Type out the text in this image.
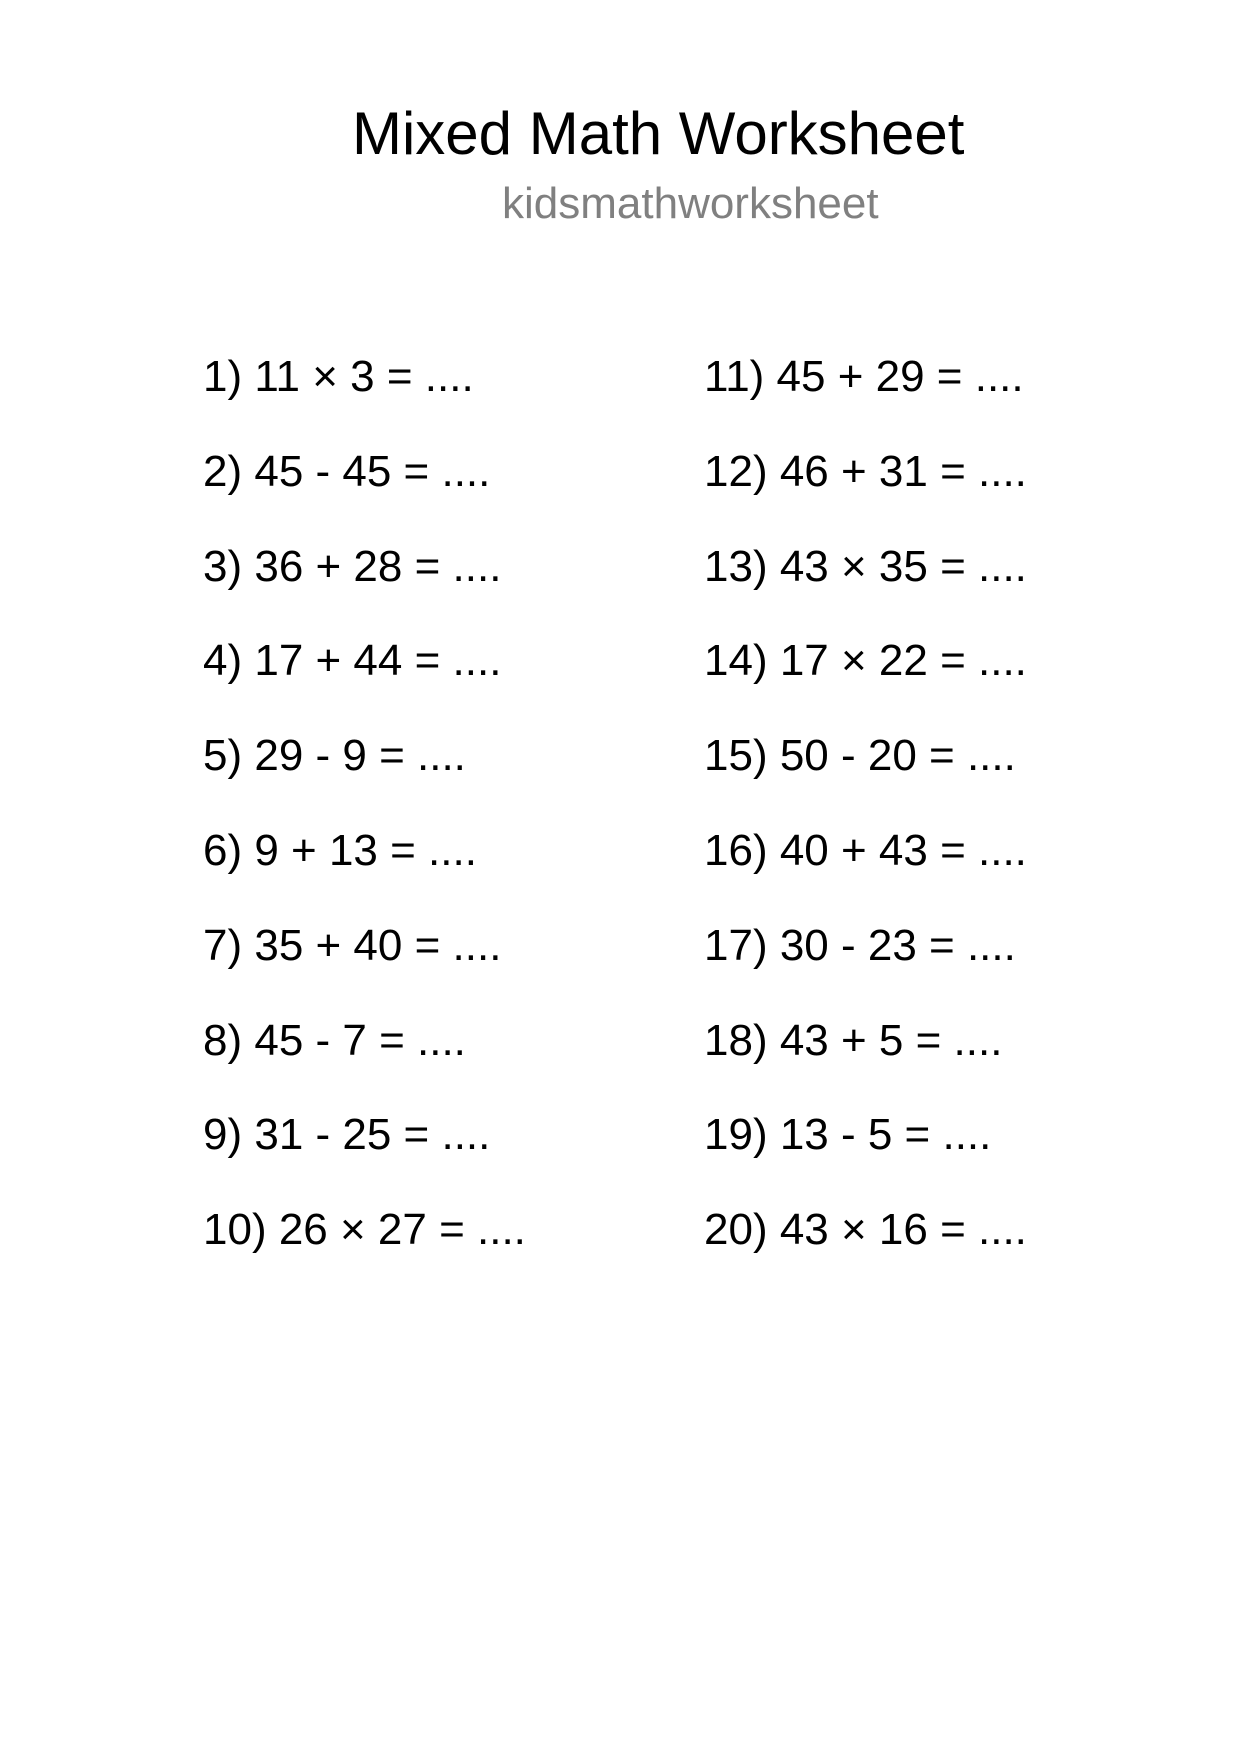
Mixed Math Worksheet
kidsmathworksheet
1) 11 × 3 = ....
2) 45 - 45 = ....
3) 36 + 28 = ....
4) 17 + 44 = ....
5) 29 - 9 = ....
6) 9 + 13 = ....
7) 35 + 40 = ....
8) 45 - 7 = ....
9) 31 - 25 = ....
10) 26 × 27 = ....
11) 45 + 29 = ....
12) 46 + 31 = ....
13) 43 × 35 = ....
14) 17 × 22 = ....
15) 50 - 20 = ....
16) 40 + 43 = ....
17) 30 - 23 = ....
18) 43 + 5 = ....
19) 13 - 5 = ....
20) 43 × 16 = ....
